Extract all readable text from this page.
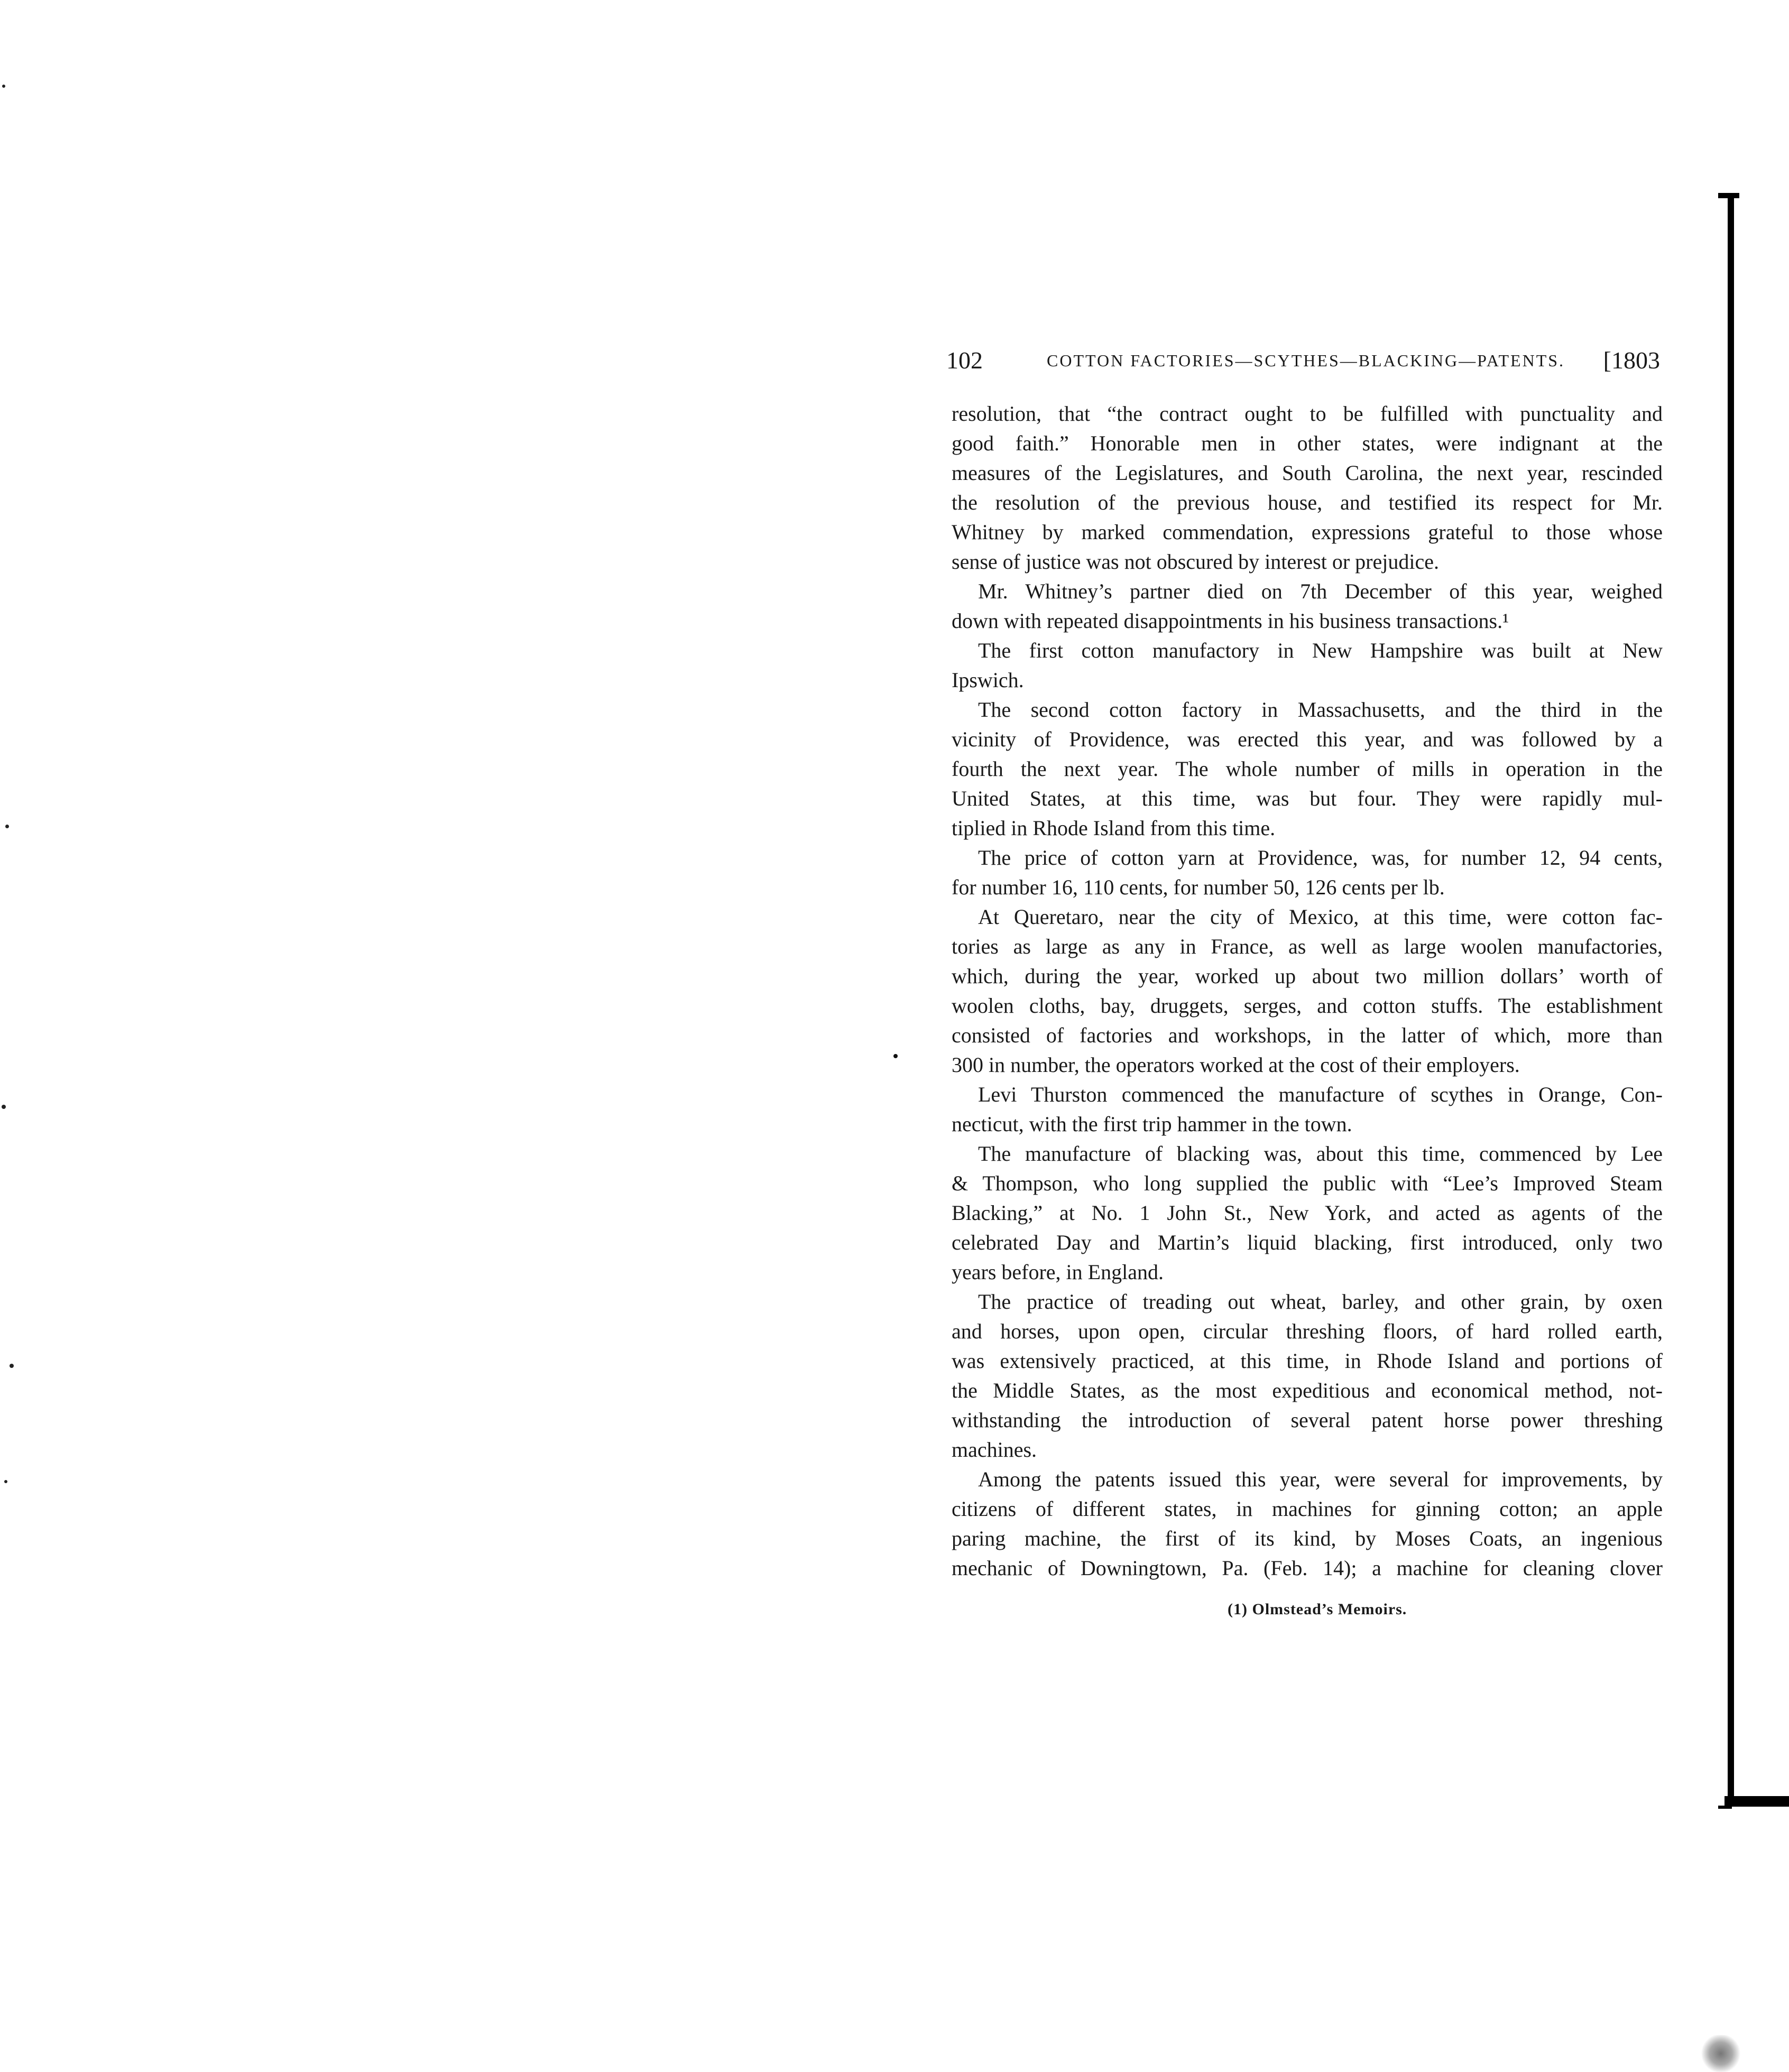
102	COTTON FACTORIES—SCYTHES—BLACKING—PATENTS. [1803
resolution, that “the contract ought to be fulfilled with punctuality and
good faith.” Honorable men in other states, were indignant at the
measures of the Legislatures, and South Carolina, the next year, rescinded
the resolution of the previous house, and testified its respect for Mr.
Whitney by marked commendation, expressions grateful to those whose
sense of justice was not obscured by interest or prejudice.
Mr. Whitney’s partner died on 7th December of this year, weighed
down with repeated disappointments in his business transactions.¹
The first cotton manufactory in New Hampshire was built at New
Ipswich.
The second cotton factory in Massachusetts, and the third in the
vicinity of Providence, was erected this year, and was followed by a
fourth the next year. The whole number of mills in operation in the
United States, at this time, was but four. They were rapidly mul-
tiplied in Rhode Island from this time.
The price of cotton yarn at Providence, was, for number 12, 94 cents,
for number 16, 110 cents, for number 50, 126 cents per lb.
At Queretaro, near the city of Mexico, at this time, were cotton fac-
tories as large as any in France, as well as large woolen manufactories,
which, during the year, worked up about two million dollars’ worth of
woolen cloths, bay, druggets, serges, and cotton stuffs. The establishment
consisted of factories and workshops, in the latter of which, more than
300 in number, the operators worked at the cost of their employers.
Levi Thurston commenced the manufacture of scythes in Orange, Con-
necticut, with the first trip hammer in the town.
The manufacture of blacking was, about this time, commenced by Lee
& Thompson, who long supplied the public with “Lee’s Improved Steam
Blacking,” at No. 1 John St., New York, and acted as agents of the
celebrated Day and Martin’s liquid blacking, first introduced, only two
years before, in England.
The practice of treading out wheat, barley, and other grain, by oxen
and horses, upon open, circular threshing floors, of hard rolled earth,
was extensively practiced, at this time, in Rhode Island and portions of
the Middle States, as the most expeditious and economical method, not-
withstanding the introduction of several patent horse power threshing
machines.
Among the patents issued this year, were several for improvements, by
citizens of different states, in machines for ginning cotton; an apple
paring machine, the first of its kind, by Moses Coats, an ingenious
mechanic of Downingtown, Pa. (Feb. 14); a machine for cleaning clover
(1) Olmstead’s Memoirs.
